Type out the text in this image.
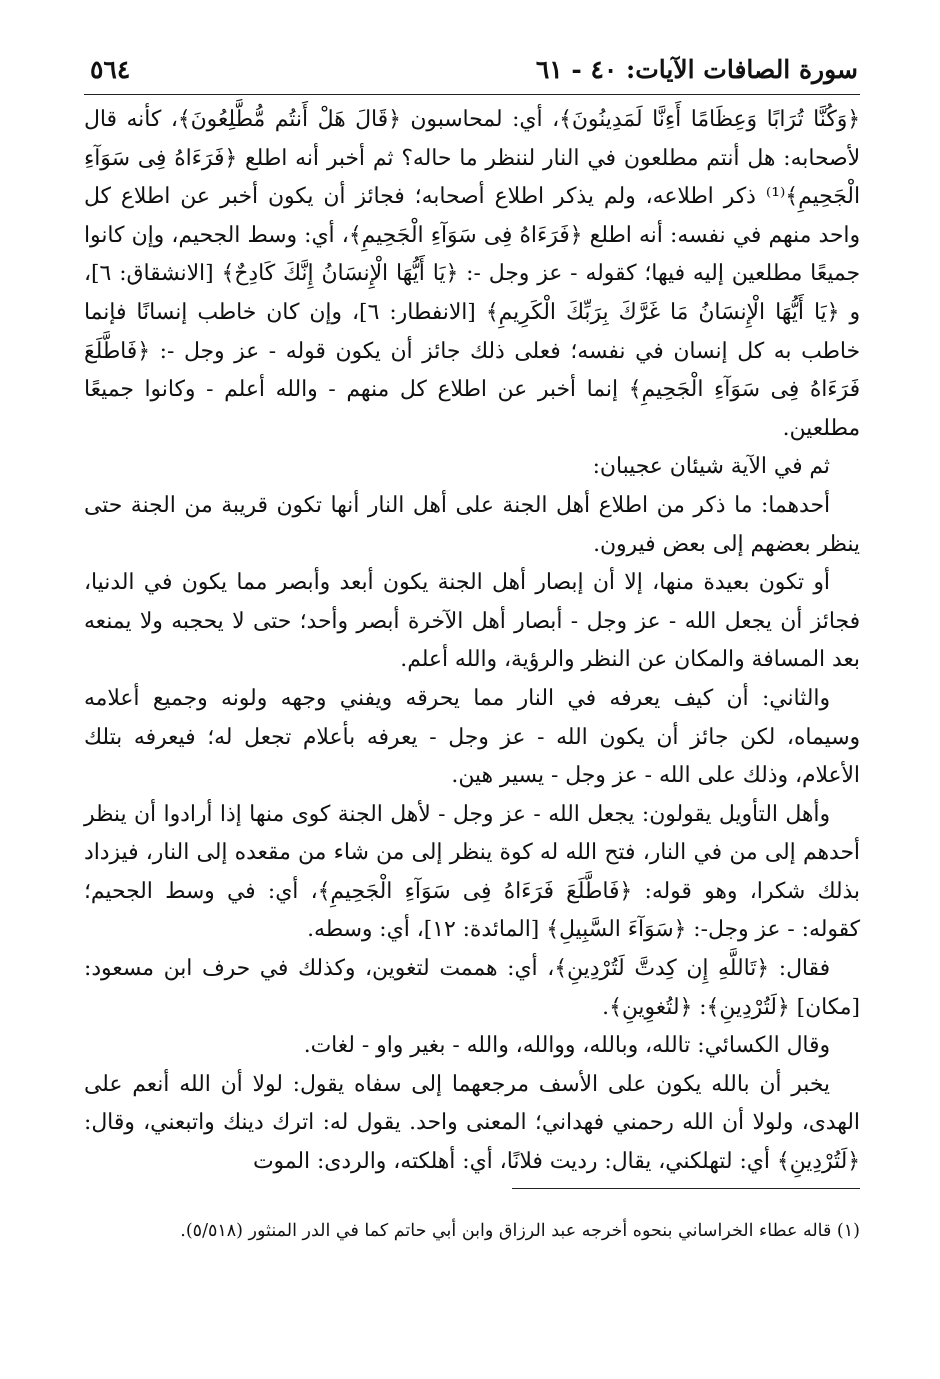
سورة الصافات الآيات: ٤٠ - ٦١
٥٦٤

﴿وَكُنَّا تُرَابًا وَعِظَامًا أَءِنَّا لَمَدِينُونَ﴾، أي: لمحاسبون ﴿قَالَ هَلْ أَنتُم مُّطَّلِعُونَ﴾، كأنه قال لأصحابه: هل أنتم مطلعون في النار لننظر ما حاله؟ ثم أخبر أنه اطلع ﴿فَرَءَاهُ فِى سَوَآءِ الْجَحِيمِ﴾⁽¹⁾ ذكر اطلاعه، ولم يذكر اطلاع أصحابه؛ فجائز أن يكون أخبر عن اطلاع كل واحد منهم في نفسه: أنه اطلع ﴿فَرَءَاهُ فِى سَوَآءِ الْجَحِيمِ﴾، أي: وسط الجحيم، وإن كانوا جميعًا مطلعين إليه فيها؛ كقوله - عز وجل -: ﴿يَا أَيُّهَا الْإِنسَانُ إِنَّكَ كَادِحٌ﴾ [الانشقاق: ٦]، و ﴿يَا أَيُّهَا الْإِنسَانُ مَا غَرَّكَ بِرَبِّكَ الْكَرِيمِ﴾ [الانفطار: ٦]، وإن كان خاطب إنسانًا فإنما خاطب به كل إنسان في نفسه؛ فعلى ذلك جائز أن يكون قوله - عز وجل -: ﴿فَاطَّلَعَ فَرَءَاهُ فِى سَوَآءِ الْجَحِيمِ﴾ إنما أخبر عن اطلاع كل منهم - والله أعلم - وكانوا جميعًا مطلعين.

ثم في الآية شيئان عجيبان:

أحدهما: ما ذكر من اطلاع أهل الجنة على أهل النار أنها تكون قريبة من الجنة حتى ينظر بعضهم إلى بعض فيرون.

أو تكون بعيدة منها، إلا أن إبصار أهل الجنة يكون أبعد وأبصر مما يكون في الدنيا، فجائز أن يجعل الله - عز وجل - أبصار أهل الآخرة أبصر وأحد؛ حتى لا يحجبه ولا يمنعه بعد المسافة والمكان عن النظر والرؤية، والله أعلم.

والثاني: أن كيف يعرفه في النار مما يحرقه ويفني وجهه ولونه وجميع أعلامه وسيماه، لكن جائز أن يكون الله - عز وجل - يعرفه بأعلام تجعل له؛ فيعرفه بتلك الأعلام، وذلك على الله - عز وجل - يسير هين.

وأهل التأويل يقولون: يجعل الله - عز وجل - لأهل الجنة كوى منها إذا أرادوا أن ينظر أحدهم إلى من في النار، فتح الله له كوة ينظر إلى من شاء من مقعده إلى النار، فيزداد بذلك شكرا، وهو قوله: ﴿فَاطَّلَعَ فَرَءَاهُ فِى سَوَآءِ الْجَحِيمِ﴾، أي: في وسط الجحيم؛ كقوله: - عز وجل-: ﴿سَوَآءَ السَّبِيلِ﴾ [المائدة: ١٢]، أي: وسطه.

فقال: ﴿تَاللَّهِ إِن كِدتَّ لَتُرْدِينِ﴾، أي: هممت لتغوين، وكذلك في حرف ابن مسعود: [مكان] ﴿لَتُرْدِينِ﴾: ﴿لتُغوِينِ﴾.

وقال الكسائي: تالله، وبالله، ووالله، والله - بغير واو - لغات.

يخبر أن بالله يكون على الأسف مرجعهما إلى سفاه يقول: لولا أن الله أنعم على الهدى، ولولا أن الله رحمني فهداني؛ المعنى واحد. يقول له: اترك دينك واتبعني، وقال: ﴿لَتُرْدِينِ﴾ أي: لتهلكني، يقال: رديت فلانًا، أي: أهلكته، والردى: الموت

(١) قاله عطاء الخراساني بنحوه أخرجه عبد الرزاق وابن أبي حاتم كما في الدر المنثور (٥/٥١٨).
